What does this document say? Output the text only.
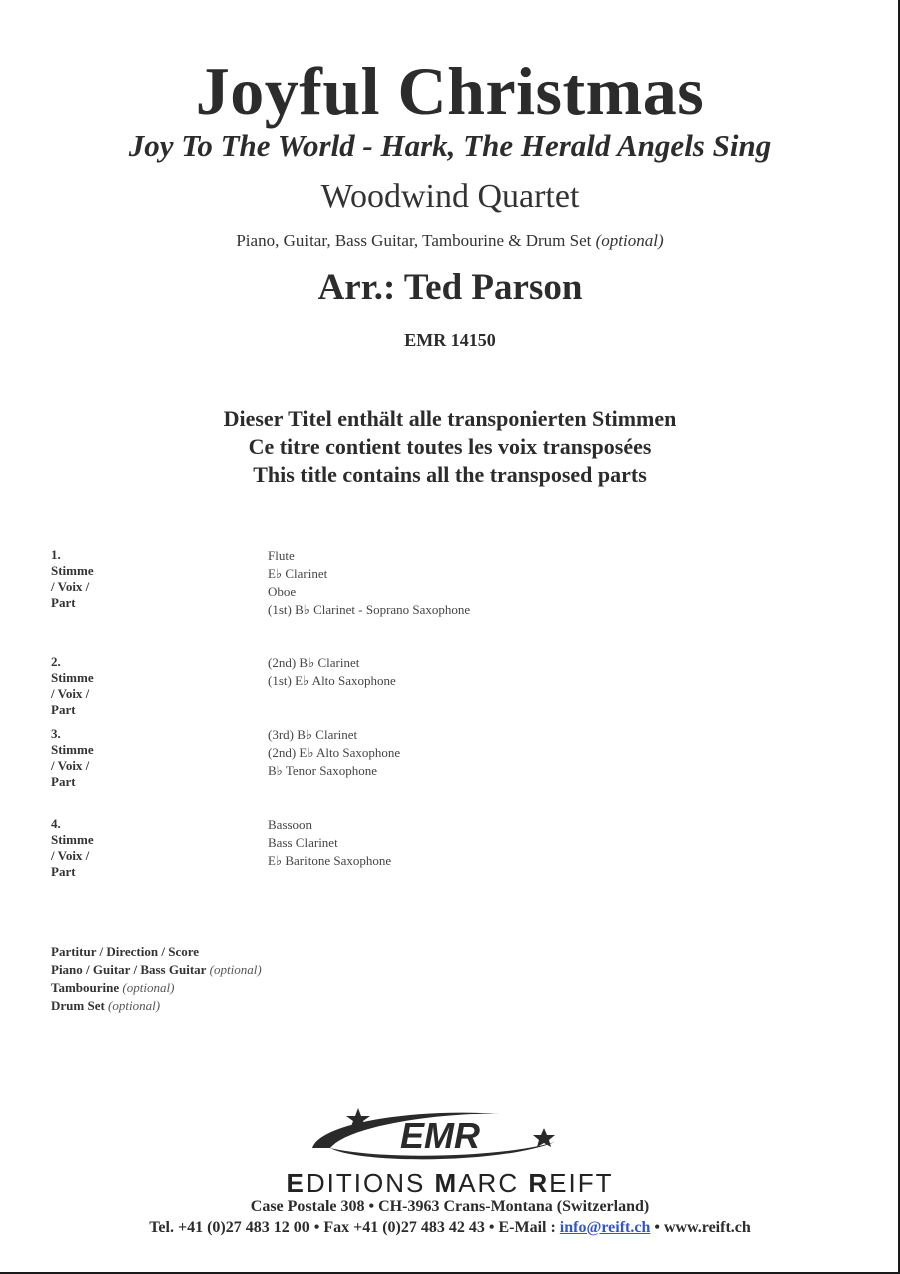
Joyful Christmas
Joy To The World - Hark, The Herald Angels Sing
Woodwind Quartet
Piano, Guitar, Bass Guitar, Tambourine & Drum Set (optional)
Arr.: Ted Parson
EMR 14150
Dieser Titel enthält alle transponierten Stimmen
Ce titre contient toutes les voix transposées
This title contains all the transposed parts
1. Stimme / Voix / Part
Flute
E♭ Clarinet
Oboe
(1st) B♭ Clarinet - Soprano Saxophone
2. Stimme / Voix / Part
(2nd) B♭ Clarinet
(1st) E♭ Alto Saxophone
3. Stimme / Voix / Part
(3rd) B♭ Clarinet
(2nd) E♭ Alto Saxophone
B♭ Tenor Saxophone
4. Stimme / Voix / Part
Bassoon
Bass Clarinet
E♭ Baritone Saxophone
Partitur / Direction / Score
Piano / Guitar / Bass Guitar (optional)
Tambourine (optional)
Drum Set (optional)
EMR
EDITIONS MARC REIFT
Case Postale 308 • CH-3963 Crans-Montana (Switzerland)
Tel. +41 (0)27 483 12 00 • Fax +41 (0)27 483 42 43 • E-Mail : info@reift.ch • www.reift.ch
